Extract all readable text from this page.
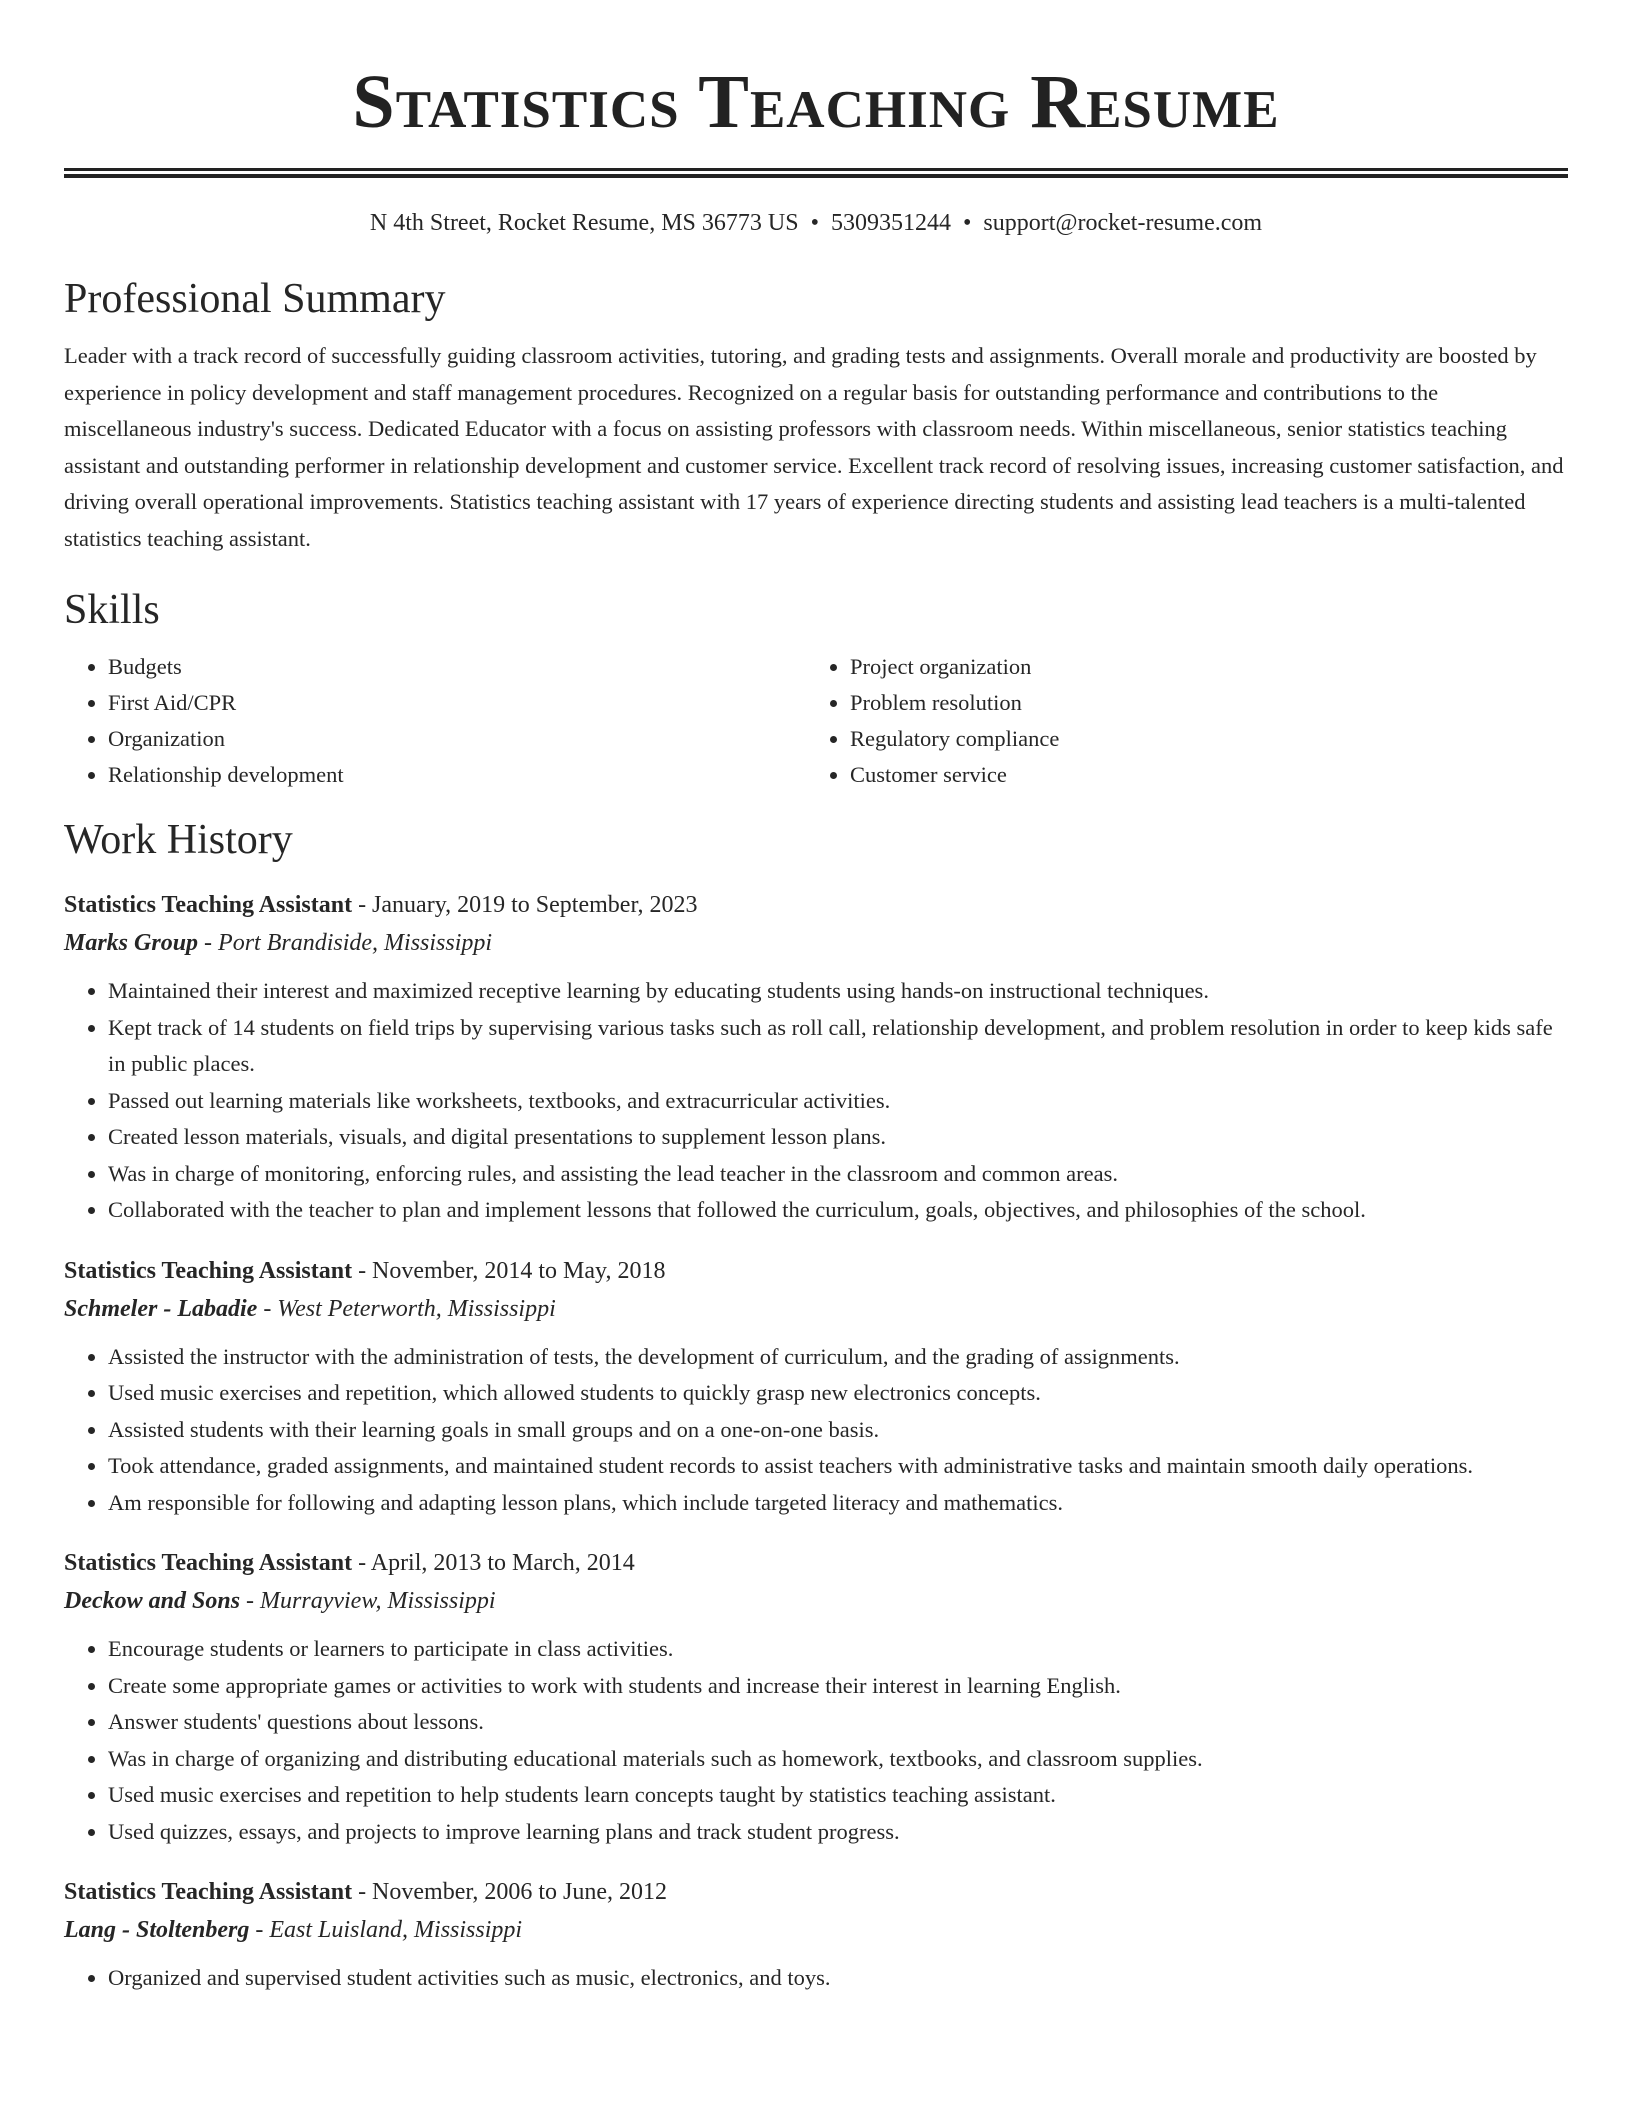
Statistics Teaching Resume
N 4th Street, Rocket Resume, MS 36773 US • 5309351244 • support@rocket-resume.com
Professional Summary
Leader with a track record of successfully guiding classroom activities, tutoring, and grading tests and assignments. Overall morale and productivity are boosted by experience in policy development and staff management procedures. Recognized on a regular basis for outstanding performance and contributions to the miscellaneous industry's success. Dedicated Educator with a focus on assisting professors with classroom needs. Within miscellaneous, senior statistics teaching assistant and outstanding performer in relationship development and customer service. Excellent track record of resolving issues, increasing customer satisfaction, and driving overall operational improvements. Statistics teaching assistant with 17 years of experience directing students and assisting lead teachers is a multi-talented statistics teaching assistant.
Skills
• Budgets
• First Aid/CPR
• Organization
• Relationship development
• Project organization
• Problem resolution
• Regulatory compliance
• Customer service
Work History
Statistics Teaching Assistant - January, 2019 to September, 2023
Marks Group - Port Brandiside, Mississippi
• Maintained their interest and maximized receptive learning by educating students using hands-on instructional techniques.
• Kept track of 14 students on field trips by supervising various tasks such as roll call, relationship development, and problem resolution in order to keep kids safe in public places.
• Passed out learning materials like worksheets, textbooks, and extracurricular activities.
• Created lesson materials, visuals, and digital presentations to supplement lesson plans.
• Was in charge of monitoring, enforcing rules, and assisting the lead teacher in the classroom and common areas.
• Collaborated with the teacher to plan and implement lessons that followed the curriculum, goals, objectives, and philosophies of the school.
Statistics Teaching Assistant - November, 2014 to May, 2018
Schmeler - Labadie - West Peterworth, Mississippi
• Assisted the instructor with the administration of tests, the development of curriculum, and the grading of assignments.
• Used music exercises and repetition, which allowed students to quickly grasp new electronics concepts.
• Assisted students with their learning goals in small groups and on a one-on-one basis.
• Took attendance, graded assignments, and maintained student records to assist teachers with administrative tasks and maintain smooth daily operations.
• Am responsible for following and adapting lesson plans, which include targeted literacy and mathematics.
Statistics Teaching Assistant - April, 2013 to March, 2014
Deckow and Sons - Murrayview, Mississippi
• Encourage students or learners to participate in class activities.
• Create some appropriate games or activities to work with students and increase their interest in learning English.
• Answer students' questions about lessons.
• Was in charge of organizing and distributing educational materials such as homework, textbooks, and classroom supplies.
• Used music exercises and repetition to help students learn concepts taught by statistics teaching assistant.
• Used quizzes, essays, and projects to improve learning plans and track student progress.
Statistics Teaching Assistant - November, 2006 to June, 2012
Lang - Stoltenberg - East Luisland, Mississippi
• Organized and supervised student activities such as music, electronics, and toys.
